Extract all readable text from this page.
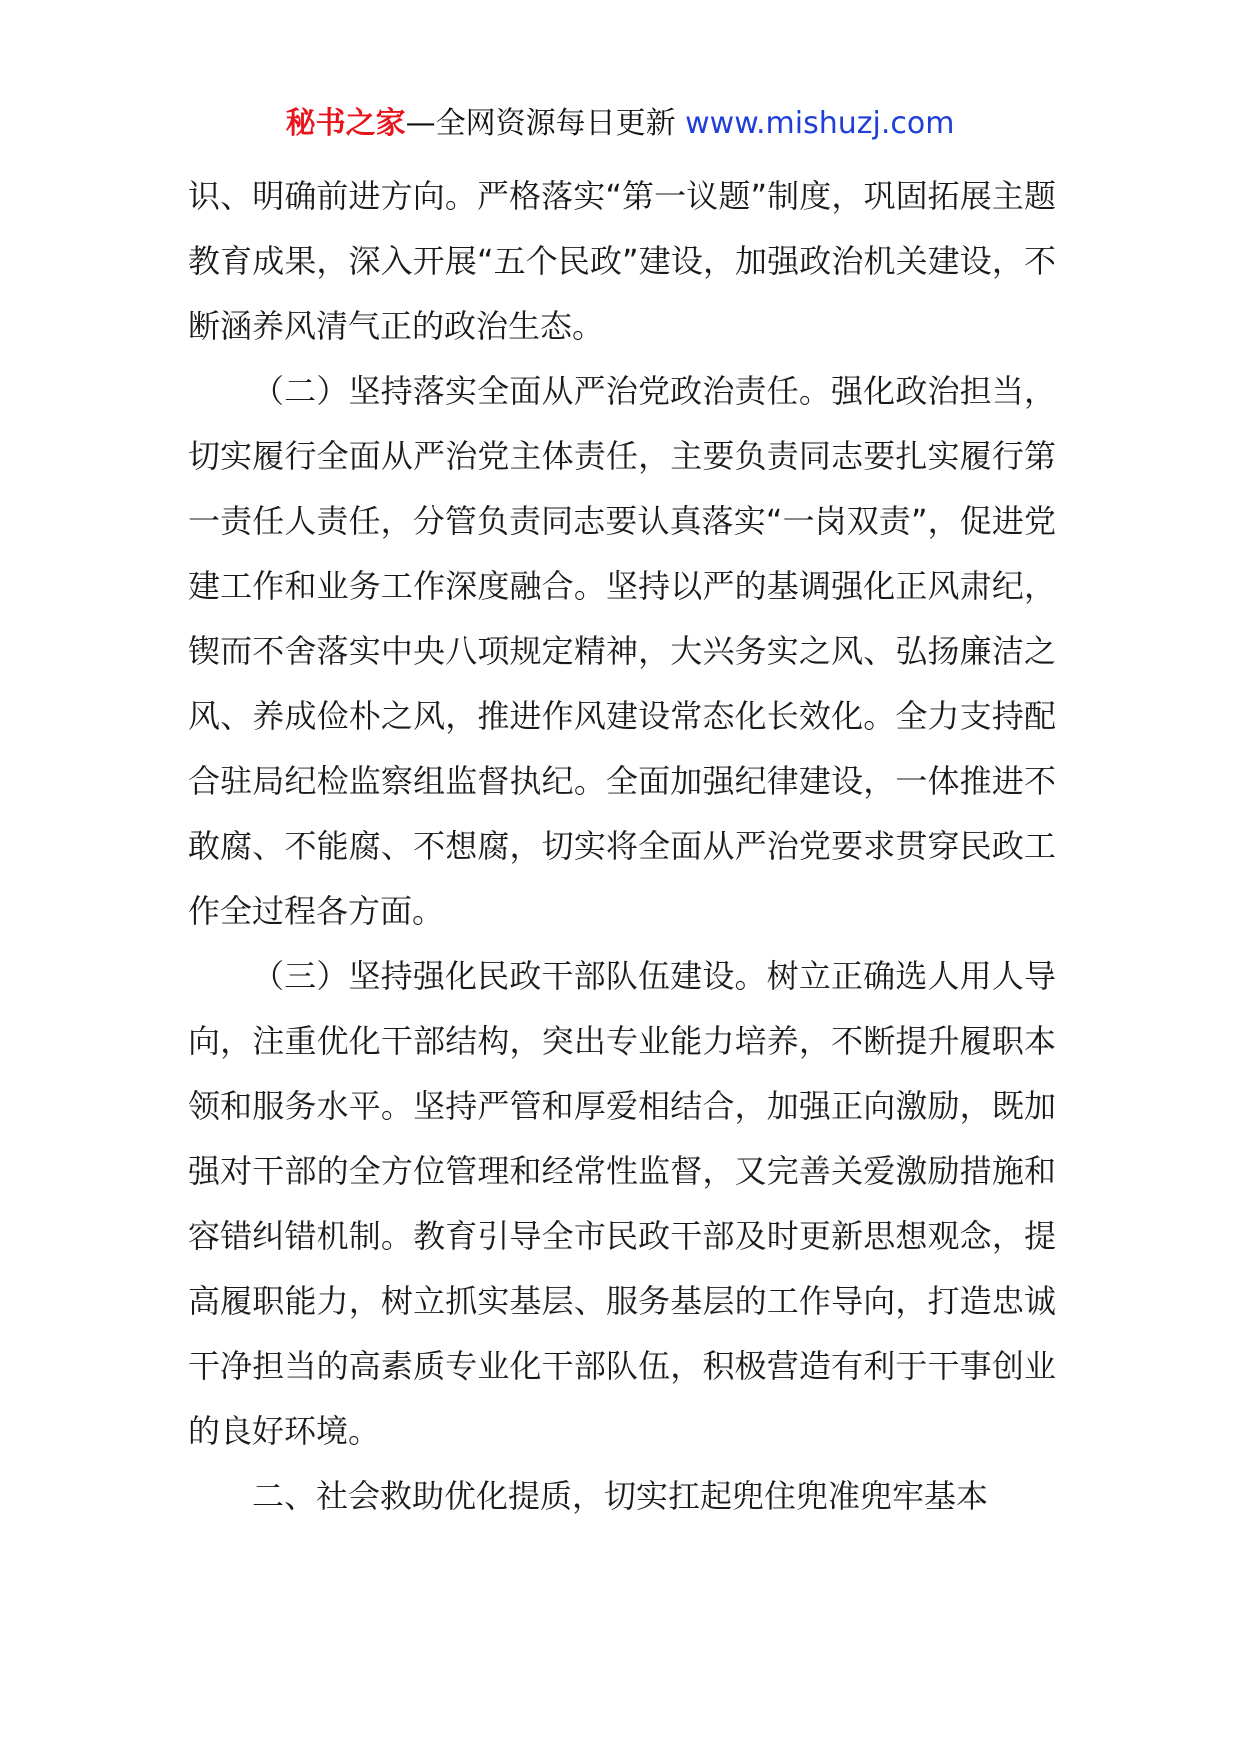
秘书之家—全网资源每日更新 www.mishuzj.com

识、明确前进方向。严格落实“第一议题”制度，巩固拓展主题教育成果，深入开展“五个民政”建设，加强政治机关建设，不断涵养风清气正的政治生态。

（二）坚持落实全面从严治党政治责任。强化政治担当，切实履行全面从严治党主体责任，主要负责同志要扎实履行第一责任人责任，分管负责同志要认真落实“一岗双责”，促进党建工作和业务工作深度融合。坚持以严的基调强化正风肃纪，锲而不舍落实中央八项规定精神，大兴务实之风、弘扬廉洁之风、养成俭朴之风，推进作风建设常态化长效化。全力支持配合驻局纪检监察组监督执纪。全面加强纪律建设，一体推进不敢腐、不能腐、不想腐，切实将全面从严治党要求贯穿民政工作全过程各方面。

（三）坚持强化民政干部队伍建设。树立正确选人用人导向，注重优化干部结构，突出专业能力培养，不断提升履职本领和服务水平。坚持严管和厚爱相结合，加强正向激励，既加强对干部的全方位管理和经常性监督，又完善关爱激励措施和容错纠错机制。教育引导全市民政干部及时更新思想观念，提高履职能力，树立抓实基层、服务基层的工作导向，打造忠诚干净担当的高素质专业化干部队伍，积极营造有利于干事创业的良好环境。

二、社会救助优化提质，切实扛起兜住兜准兜牢基本
